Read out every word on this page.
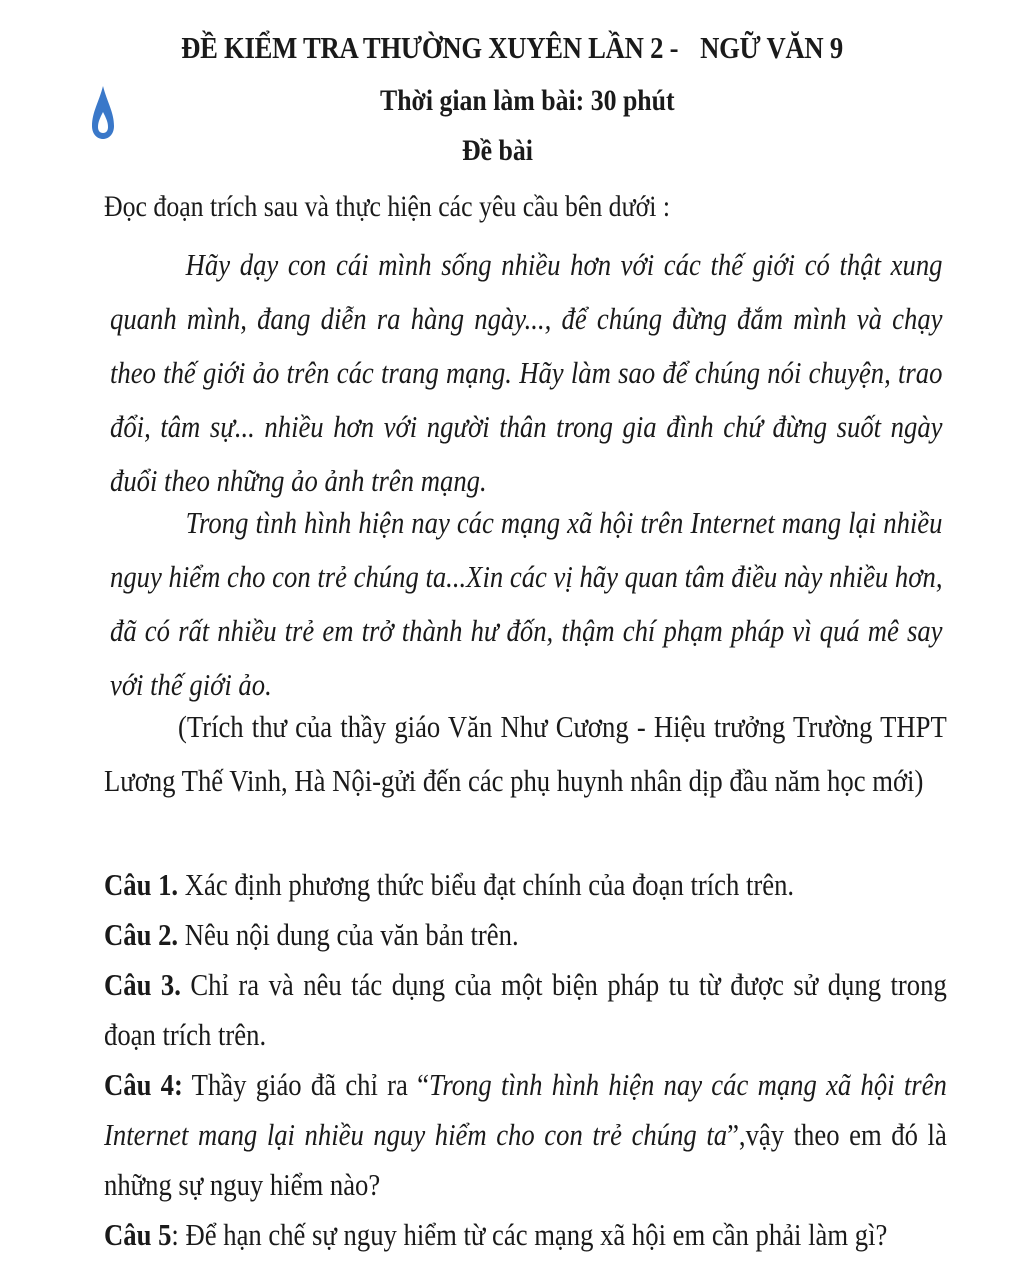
ĐỀ KIỂM TRA THƯỜNG XUYÊN LẦN 2 - NGỮ VĂN 9
Thời gian làm bài: 30 phút
Đề bài
Đọc đoạn trích sau và thực hiện các yêu cầu bên dưới :

Hãy dạy con cái mình sống nhiều hơn với các thế giới có thật xung quanh mình, đang diễn ra hàng ngày..., để chúng đừng đắm mình và chạy theo thế giới ảo trên các trang mạng. Hãy làm sao để chúng nói chuyện, trao đổi, tâm sự... nhiều hơn với người thân trong gia đình chứ đừng suốt ngày đuổi theo những ảo ảnh trên mạng.

Trong tình hình hiện nay các mạng xã hội trên Internet mang lại nhiều nguy hiểm cho con trẻ chúng ta...Xin các vị hãy quan tâm điều này nhiều hơn, đã có rất nhiều trẻ em trở thành hư đốn, thậm chí phạm pháp vì quá mê say với thế giới ảo.

(Trích thư của thầy giáo Văn Như Cương - Hiệu trưởng Trường THPT Lương Thế Vinh, Hà Nội-gửi đến các phụ huynh nhân dịp đầu năm học mới)

Câu 1. Xác định phương thức biểu đạt chính của đoạn trích trên.

Câu 2. Nêu nội dung của văn bản trên.

Câu 3. Chỉ ra và nêu tác dụng của một biện pháp tu từ được sử dụng trong đoạn trích trên.

Câu 4: Thầy giáo đã chỉ ra “Trong tình hình hiện nay các mạng xã hội trên Internet mang lại nhiều nguy hiểm cho con trẻ chúng ta”,vậy theo em đó là những sự nguy hiểm nào?

Câu 5: Để hạn chế sự nguy hiểm từ các mạng xã hội em cần phải làm gì?
